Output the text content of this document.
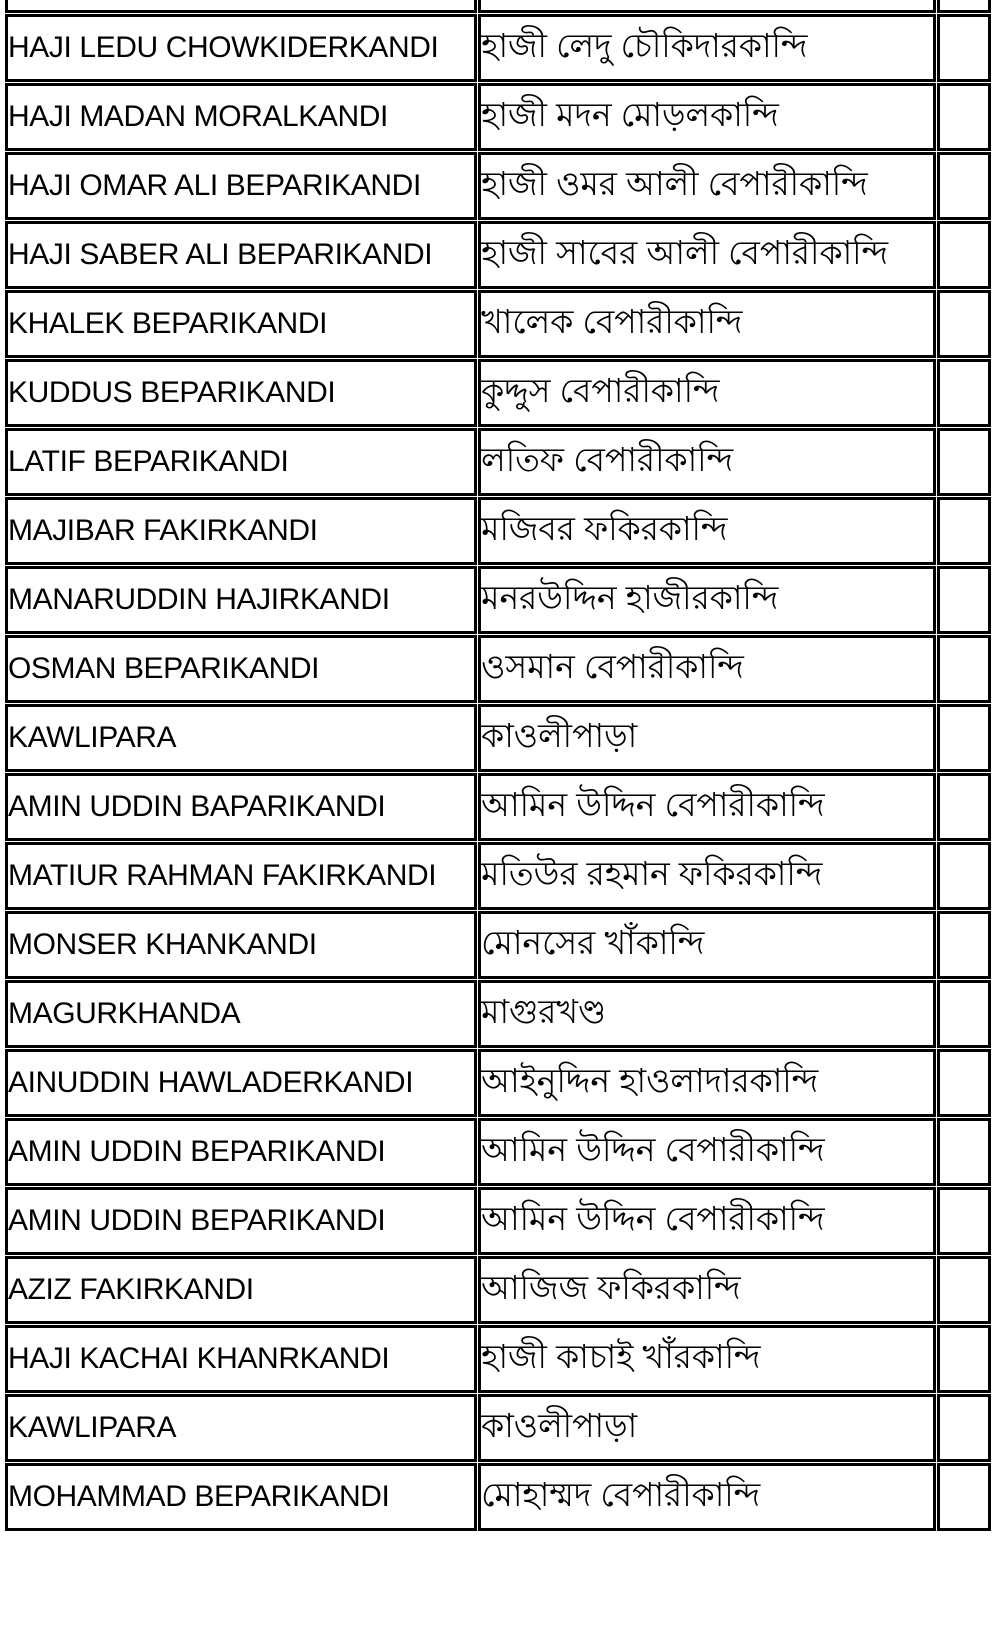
HAJI LEDU CHOWKIDERKANDI	হাজী লেদু চৌকিদারকান্দি	
HAJI MADAN MORALKANDI	হাজী মদন মোড়লকান্দি	
HAJI OMAR ALI BEPARIKANDI	হাজী ওমর আলী বেপারীকান্দি	
HAJI SABER ALI BEPARIKANDI	হাজী সাবের আলী বেপারীকান্দি	
KHALEK BEPARIKANDI	খালেক বেপারীকান্দি	
KUDDUS BEPARIKANDI	কুদ্দুস বেপারীকান্দি	
LATIF BEPARIKANDI	লতিফ বেপারীকান্দি	
MAJIBAR FAKIRKANDI	মজিবর ফকিরকান্দি	
MANARUDDIN HAJIRKANDI	মনরউদ্দিন হাজীরকান্দি	
OSMAN BEPARIKANDI	ওসমান বেপারীকান্দি	
KAWLIPARA	কাওলীপাড়া	
AMIN UDDIN BAPARIKANDI	আমিন উদ্দিন বেপারীকান্দি	
MATIUR RAHMAN FAKIRKANDI	মতিউর রহমান ফকিরকান্দি	
MONSER KHANKANDI	মোনসের খাঁকান্দি	
MAGURKHANDA	মাগুরখণ্ড	
AINUDDIN HAWLADERKANDI	আইনুদ্দিন হাওলাদারকান্দি	
AMIN UDDIN BEPARIKANDI	আমিন উদ্দিন বেপারীকান্দি	
AMIN UDDIN BEPARIKANDI	আমিন উদ্দিন বেপারীকান্দি	
AZIZ FAKIRKANDI	আজিজ ফকিরকান্দি	
HAJI KACHAI KHANRKANDI	হাজী কাচাই খাঁরকান্দি	
KAWLIPARA	কাওলীপাড়া	
MOHAMMAD BEPARIKANDI	মোহাম্মদ বেপারীকান্দি	
